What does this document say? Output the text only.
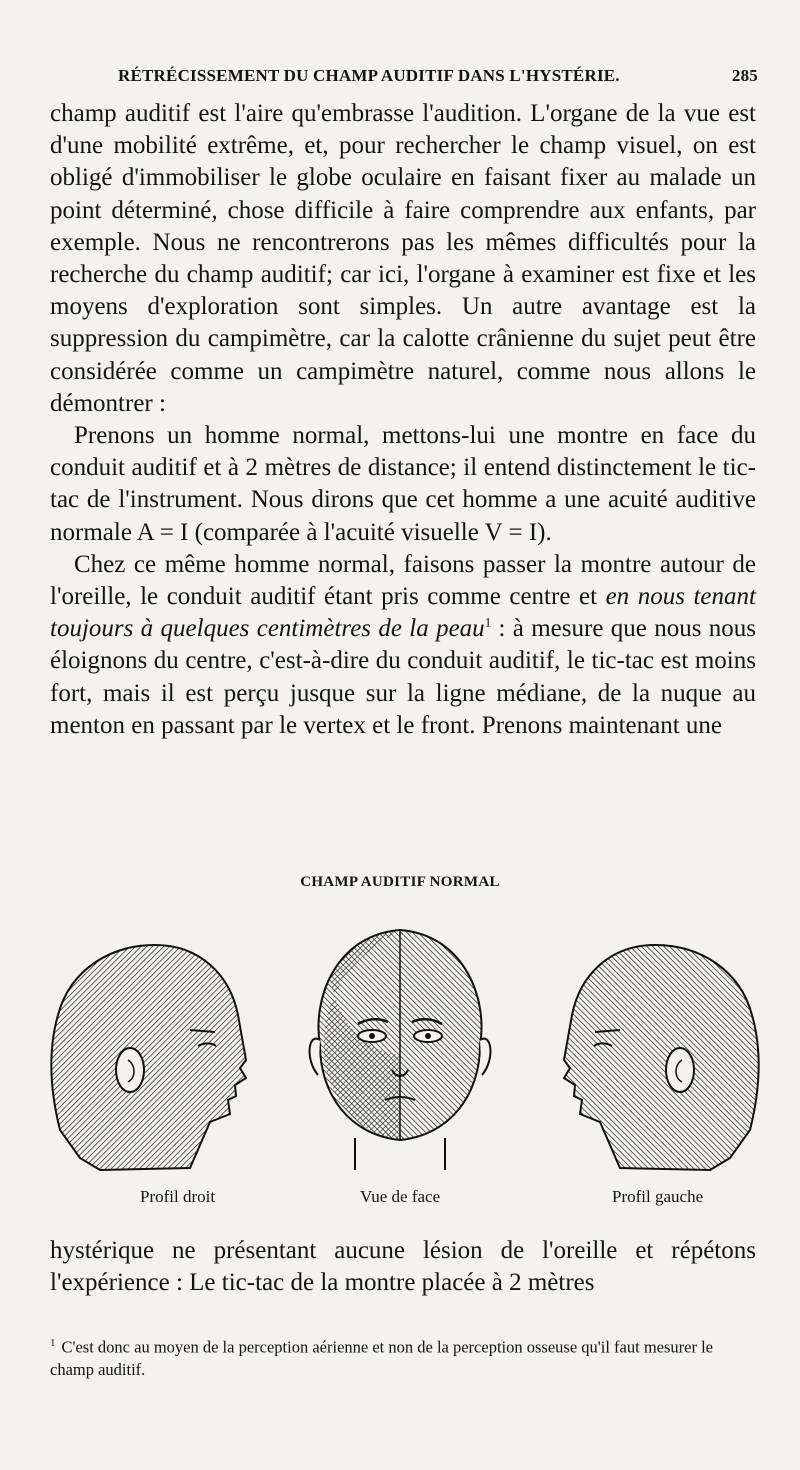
RÉTRÉCISSEMENT DU CHAMP AUDITIF DANS L'HYSTÉRIE.	285

champ auditif est l'aire qu'embrasse l'audition. L'organe de la vue est d'une mobilité extrême, et, pour rechercher le champ visuel, on est obligé d'immobiliser le globe oculaire en faisant fixer au malade un point déterminé, chose difficile à faire comprendre aux enfants, par exemple. Nous ne rencontrerons pas les mêmes difficultés pour la recherche du champ auditif; car ici, l'organe à examiner est fixe et les moyens d'exploration sont simples. Un autre avantage est la suppression du campimètre, car la calotte crânienne du sujet peut être considérée comme un campimètre naturel, comme nous allons le démontrer :

Prenons un homme normal, mettons-lui une montre en face du conduit auditif et à 2 mètres de distance; il entend distinctement le tic-tac de l'instrument. Nous dirons que cet homme a une acuité auditive normale A = I (comparée à l'acuité visuelle V = I).

Chez ce même homme normal, faisons passer la montre autour de l'oreille, le conduit auditif étant pris comme centre et en nous tenant toujours à quelques centimètres de la peau$^1$ : à mesure que nous nous éloignons du centre, c'est-à-dire du conduit auditif, le tic-tac est moins fort, mais il est perçu jusque sur la ligne médiane, de la nuque au menton en passant par le vertex et le front. Prenons maintenant une

CHAMP AUDITIF NORMAL
Profil droit	Vue de face	Profil gauche

hystérique ne présentant aucune lésion de l'oreille et répétons l'expérience : Le tic-tac de la montre placée à 2 mètres

$^1$ C'est donc au moyen de la perception aérienne et non de la perception osseuse qu'il faut mesurer le champ auditif.
